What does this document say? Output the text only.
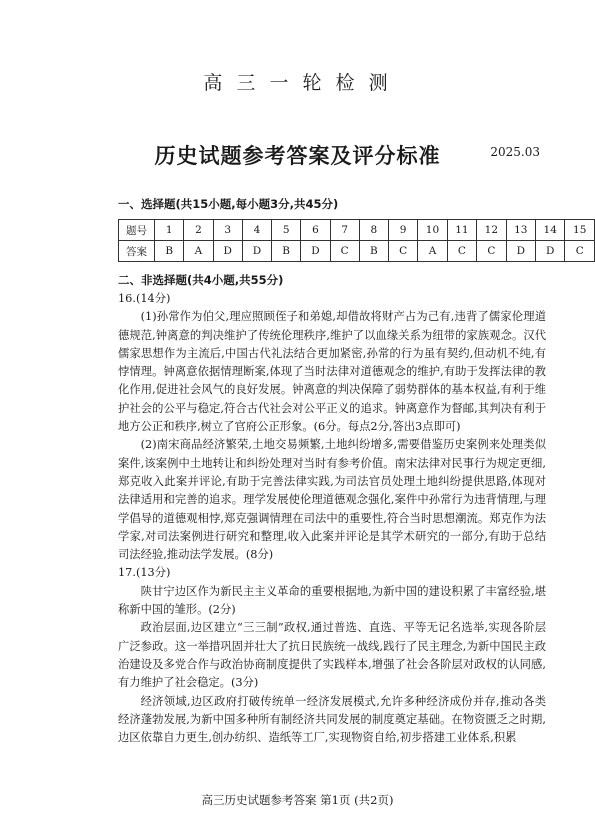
高 三 一 轮 检 测
历史试题参考答案及评分标准	2025.03
一、选择题(共15小题,每小题3分,共45分)
题号	1	2	3	4	5	6	7	8	9	10	11	12	13	14	15
答案	B	A	D	D	B	D	C	B	C	A	C	C	D	D	C
二、非选择题(共4小题,共55分)

16.(14分)

(1)孙常作为伯父,理应照顾侄子和弟媳,却借故将财产占为己有,违背了儒家伦理道德规范,钟离意的判决维护了传统伦理秩序,维护了以血缘关系为纽带的家族观念。汉代儒家思想作为主流后,中国古代礼法结合更加紧密,孙常的行为虽有契约,但动机不纯,有悖情理。钟离意依据情理断案,体现了当时法律对道德观念的维护,有助于发挥法律的教化作用,促进社会风气的良好发展。钟离意的判决保障了弱势群体的基本权益,有利于维护社会的公平与稳定,符合古代社会对公平正义的追求。钟离意作为督邮,其判决有利于地方公正和秩序,树立了官府公正形象。(6分。每点2分,答出3点即可)

(2)南宋商品经济繁荣,土地交易频繁,土地纠纷增多,需要借鉴历史案例来处理类似案件,该案例中土地转让和纠纷处理对当时有参考价值。南宋法律对民事行为规定更细,郑克收入此案并评论,有助于完善法律实践,为司法官员处理土地纠纷提供思路,体现对法律适用和完善的追求。理学发展使伦理道德观念强化,案件中孙常行为违背情理,与理学倡导的道德观相悖,郑克强调情理在司法中的重要性,符合当时思想潮流。郑克作为法学家,对司法案例进行研究和整理,收入此案并评论是其学术研究的一部分,有助于总结司法经验,推动法学发展。(8分)

17.(13分)

陕甘宁边区作为新民主主义革命的重要根据地,为新中国的建设积累了丰富经验,堪称新中国的雏形。(2分)

政治层面,边区建立“三三制”政权,通过普选、直选、平等无记名选举,实现各阶层广泛参政。这一举措巩固并壮大了抗日民族统一战线,践行了民主理念,为新中国民主政治建设及多党合作与政治协商制度提供了实践样本,增强了社会各阶层对政权的认同感,有力维护了社会稳定。(3分)

经济领域,边区政府打破传统单一经济发展模式,允许多种经济成份并存,推动各类经济蓬勃发展,为新中国多种所有制经济共同发展的制度奠定基础。在物资匮乏之时期,边区依靠自力更生,创办纺织、造纸等工厂,实现物资自给,初步搭建工业体系,积累

高三历史试题参考答案 第1页 (共2页)
